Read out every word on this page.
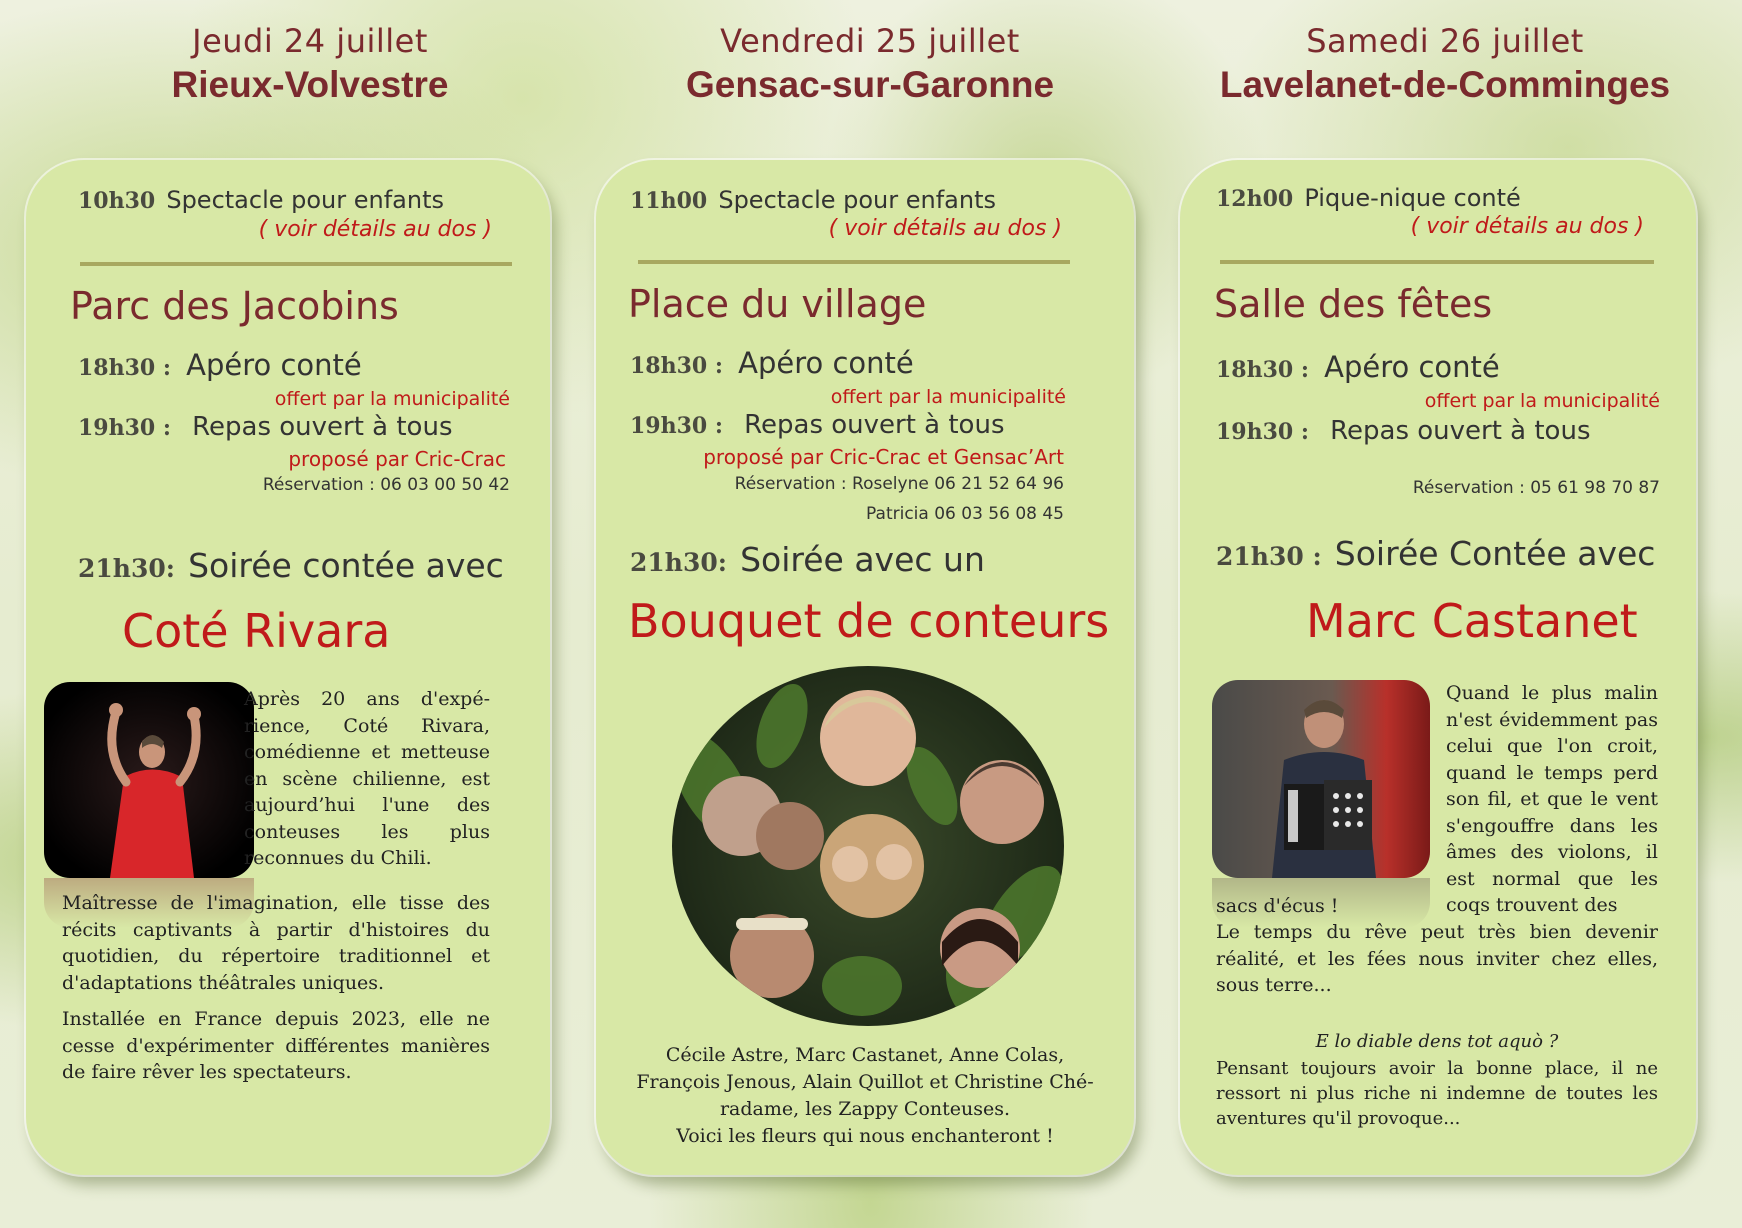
Jeudi 24 juillet
Rieux-Volvestre
Vendredi 25 juillet
Gensac-sur-Garonne
Samedi 26 juillet
Lavelanet-de-Comminges
10h30 Spectacle pour enfants
( voir détails au dos )
Parc des Jacobins
18h30 : Apéro conté
offert par la municipalité
19h30 : Repas ouvert à tous
proposé par Cric-Crac
Réservation : 06 03 00 50 42
21h30: Soirée contée avec
Coté Rivara
Après 20 ans d'expé-rience, Coté Rivara, comédienne et metteuse en scène chilienne, est aujourd’hui l'une des conteuses les plus reconnues du Chili.
Maîtresse de l'imagination, elle tisse des récits captivants à partir d'histoires du quotidien, du répertoire traditionnel et d'adaptations théâtrales uniques.
Installée en France depuis 2023, elle ne cesse d'expérimenter différentes manières de faire rêver les spectateurs.
11h00 Spectacle pour enfants
( voir détails au dos )
Place du village
18h30 : Apéro conté
offert par la municipalité
19h30 : Repas ouvert à tous
proposé par Cric-Crac et Gensac’Art
Réservation : Roselyne 06 21 52 64 96
Patricia 06 03 56 08 45
21h30: Soirée avec un
Bouquet de conteurs
Cécile Astre, Marc Castanet, Anne Colas,
François Jenous, Alain Quillot et Christine Ché-
radame, les Zappy Conteuses.
Voici les fleurs qui nous enchanteront !
12h00 Pique-nique conté
( voir détails au dos )
Salle des fêtes
18h30 : Apéro conté
offert par la municipalité
19h30 : Repas ouvert à tous
Réservation : 05 61 98 70 87
21h30 : Soirée Contée avec
Marc Castanet
Quand le plus malin n'est évidemment pas celui que l'on croit, quand le temps perd son fil, et que le vent s'engouffre dans les âmes des violons, il est normal que les coqs trouvent des
sacs d'écus !
Le temps du rêve peut très bien devenir réalité, et les fées nous inviter chez elles, sous terre...
E lo diable dens tot aquò ?
Pensant toujours avoir la bonne place, il ne ressort ni plus riche ni indemne de toutes les aventures qu'il provoque...
